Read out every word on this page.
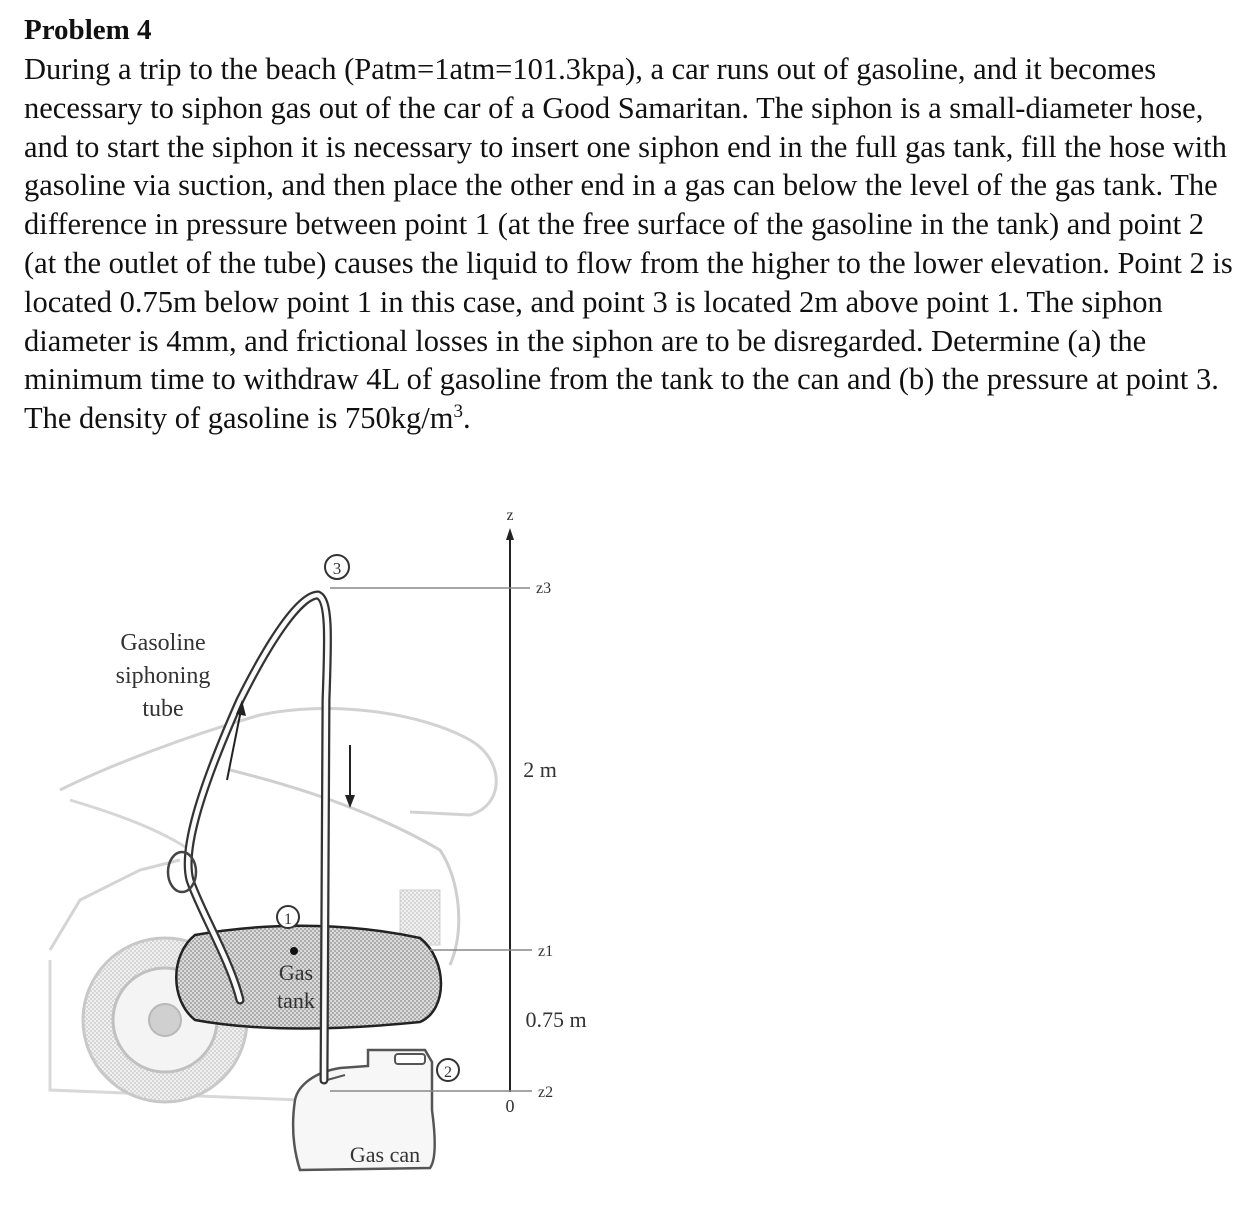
Problem 4

During a trip to the beach (Patm=1atm=101.3kpa), a car runs out of gasoline, and it becomes necessary to siphon gas out of the car of a Good Samaritan. The siphon is a small-diameter hose, and to start the siphon it is necessary to insert one siphon end in the full gas tank, fill the hose with gasoline via suction, and then place the other end in a gas can below the level of the gas tank. The difference in pressure between point 1 (at the free surface of the gasoline in the tank) and point 2 (at the outlet of the tube) causes the liquid to flow from the higher to the lower elevation. Point 2 is located 0.75m below point 1 in this case, and point 3 is located 2m above point 1. The siphon diameter is 4mm, and frictional losses in the siphon are to be disregarded. Determine (a) the minimum time to withdraw 4L of gasoline from the tank to the can and (b) the pressure at point 3. The density of gasoline is $750kg/m^3$.

3
1
2
Gasoline
siphoning
tube
Gas
tank
Gas can
z
0
z3
z1
z2
2 m
0.75 m
